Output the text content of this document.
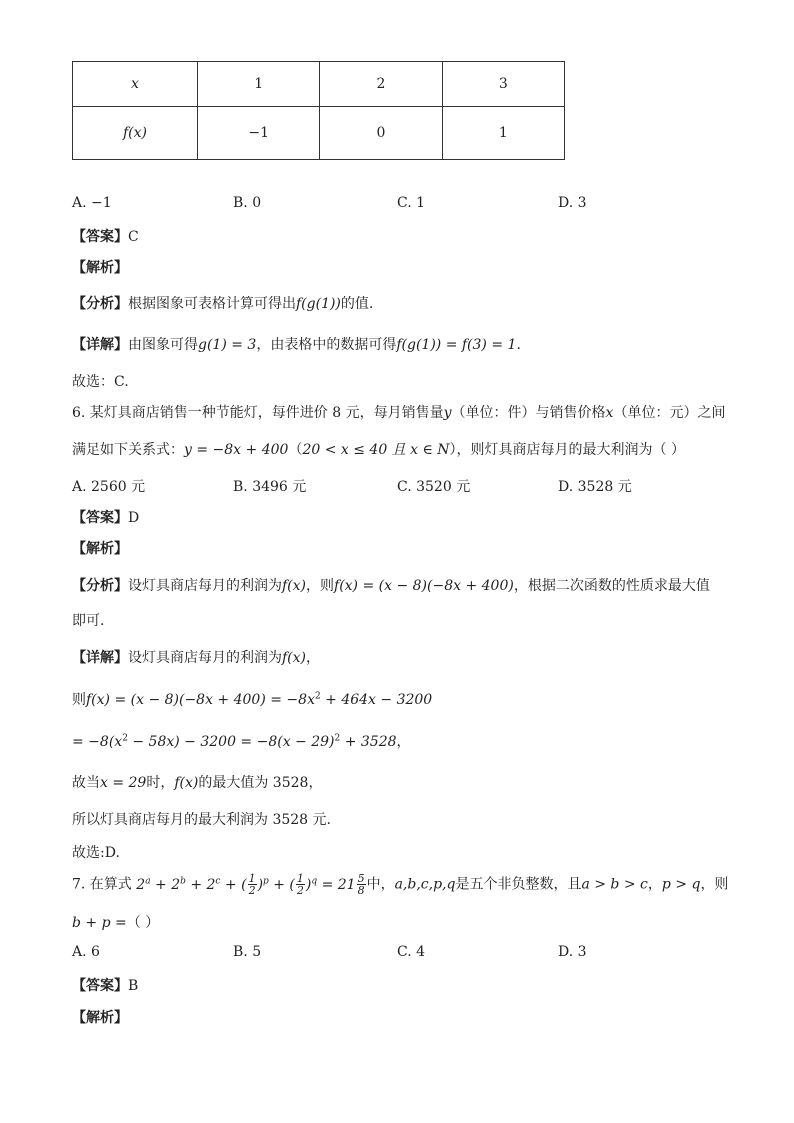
x	1	2	3
f(x)	−1	0	1
A. −1	B. 0	C. 1	D. 3
【答案】C
【解析】
【分析】根据图象可表格计算可得出f(g(1))的值.
【详解】由图象可得g(1) = 3，由表格中的数据可得f(g(1)) = f(3) = 1.
故选：C.
6. 某灯具商店销售一种节能灯，每件进价 8 元，每月销售量y（单位：件）与销售价格x（单位：元）之间
满足如下关系式：y = −8x + 400（20 < x ≤ 40 且 x ∈ N），则灯具商店每月的最大利润为（ ）
A. 2560 元	B. 3496 元	C. 3520 元	D. 3528 元
【答案】D
【解析】
【分析】设灯具商店每月的利润为f(x)，则f(x) = (x − 8)(−8x + 400)，根据二次函数的性质求最大值
即可.
【详解】设灯具商店每月的利润为f(x)，
则$f(x) = (x - 8)(-8x + 400) = -8x^2 + 464x - 3200$
= $-8(x^2 - 58x) - 3200 = -8(x - 29)^2 + 3528$，
故当x = 29时，f(x)的最大值为 3528，
所以灯具商店每月的最大利润为 3528 元.
故选:D.
7. 在算式 $2^a + 2^b + 2^c$ + ( $\frac{1}{2} )^p$ + ( $\frac{1}{2} )^q = 21 \frac{5}{8}$ 中，a,b,c,p,q是五个非负整数，且a > b > c，p > q，则
b + p =（ ）
A. 6	B. 5	C. 4	D. 3
【答案】B
【解析】
